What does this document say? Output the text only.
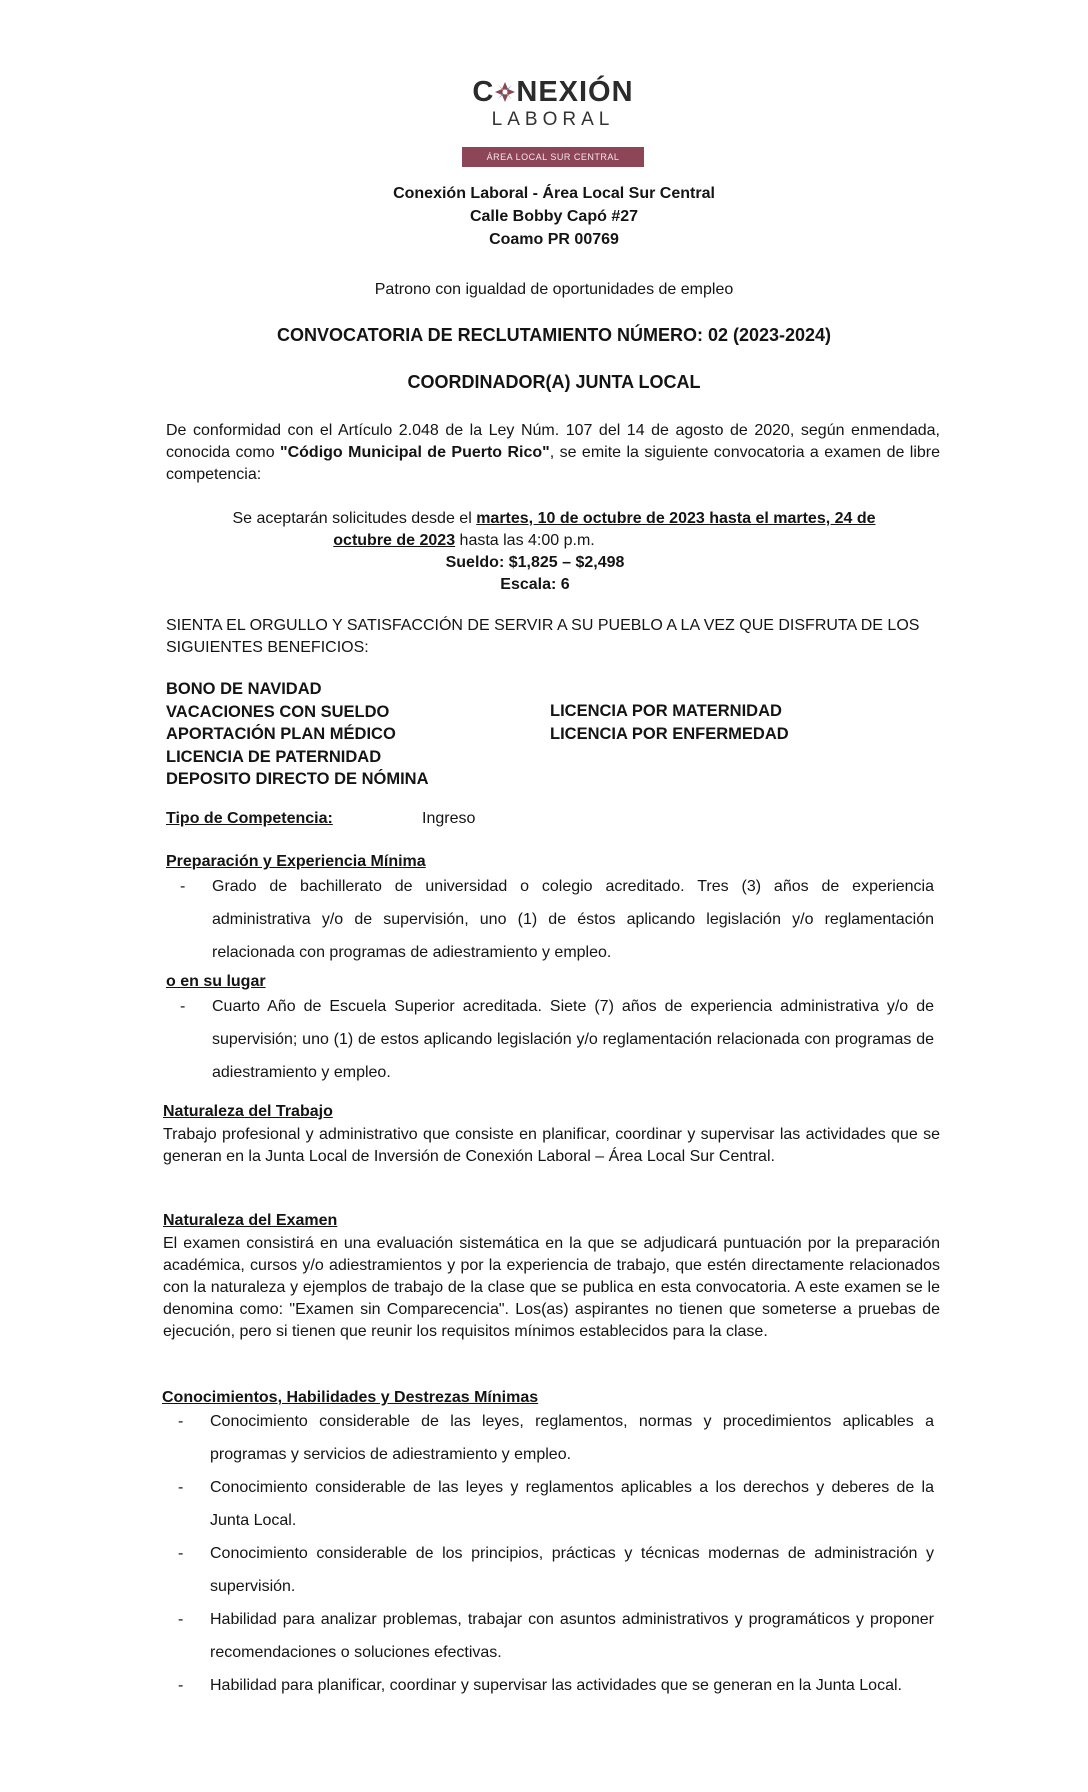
C NEXIÓN
LABORAL
ÁREA LOCAL SUR CENTRAL
Conexión Laboral - Área Local Sur Central
Calle Bobby Capó #27
Coamo PR 00769
Patrono con igualdad de oportunidades de empleo
CONVOCATORIA DE RECLUTAMIENTO NÚMERO: 02 (2023-2024)
COORDINADOR(A) JUNTA LOCAL
De conformidad con el Artículo 2.048 de la Ley Núm. 107 del 14 de agosto de 2020, según enmendada, conocida como "Código Municipal de Puerto Rico", se emite la siguiente convocatoria a examen de libre competencia:
Se aceptarán solicitudes desde el martes, 10 de octubre de 2023 hasta el martes, 24 de
octubre de 2023 hasta las 4:00 p.m.
Sueldo: $1,825 – $2,498
Escala: 6
SIENTA EL ORGULLO Y SATISFACCIÓN DE SERVIR A SU PUEBLO A LA VEZ QUE DISFRUTA DE LOS SIGUIENTES BENEFICIOS:
BONO DE NAVIDAD
VACACIONES CON SUELDO
APORTACIÓN PLAN MÉDICO
LICENCIA DE PATERNIDAD
DEPOSITO DIRECTO DE NÓMINA
LICENCIA POR MATERNIDAD
LICENCIA POR ENFERMEDAD
Tipo de Competencia:	Ingreso
Preparación y Experiencia Mínima
- Grado de bachillerato de universidad o colegio acreditado. Tres (3) años de experiencia administrativa y/o de supervisión, uno (1) de éstos aplicando legislación y/o reglamentación relacionada con programas de adiestramiento y empleo.
o en su lugar
- Cuarto Año de Escuela Superior acreditada. Siete (7) años de experiencia administrativa y/o de supervisión; uno (1) de estos aplicando legislación y/o reglamentación relacionada con programas de adiestramiento y empleo.
Naturaleza del Trabajo
Trabajo profesional y administrativo que consiste en planificar, coordinar y supervisar las actividades que se generan en la Junta Local de Inversión de Conexión Laboral – Área Local Sur Central.
Naturaleza del Examen
El examen consistirá en una evaluación sistemática en la que se adjudicará puntuación por la preparación académica, cursos y/o adiestramientos y por la experiencia de trabajo, que estén directamente relacionados con la naturaleza y ejemplos de trabajo de la clase que se publica en esta convocatoria. A este examen se le denomina como: "Examen sin Comparecencia". Los(as) aspirantes no tienen que someterse a pruebas de ejecución, pero si tienen que reunir los requisitos mínimos establecidos para la clase.
Conocimientos, Habilidades y Destrezas Mínimas
- Conocimiento considerable de las leyes, reglamentos, normas y procedimientos aplicables a programas y servicios de adiestramiento y empleo.
- Conocimiento considerable de las leyes y reglamentos aplicables a los derechos y deberes de la Junta Local.
- Conocimiento considerable de los principios, prácticas y técnicas modernas de administración y supervisión.
- Habilidad para analizar problemas, trabajar con asuntos administrativos y programáticos y proponer recomendaciones o soluciones efectivas.
- Habilidad para planificar, coordinar y supervisar las actividades que se generan en la Junta Local.
